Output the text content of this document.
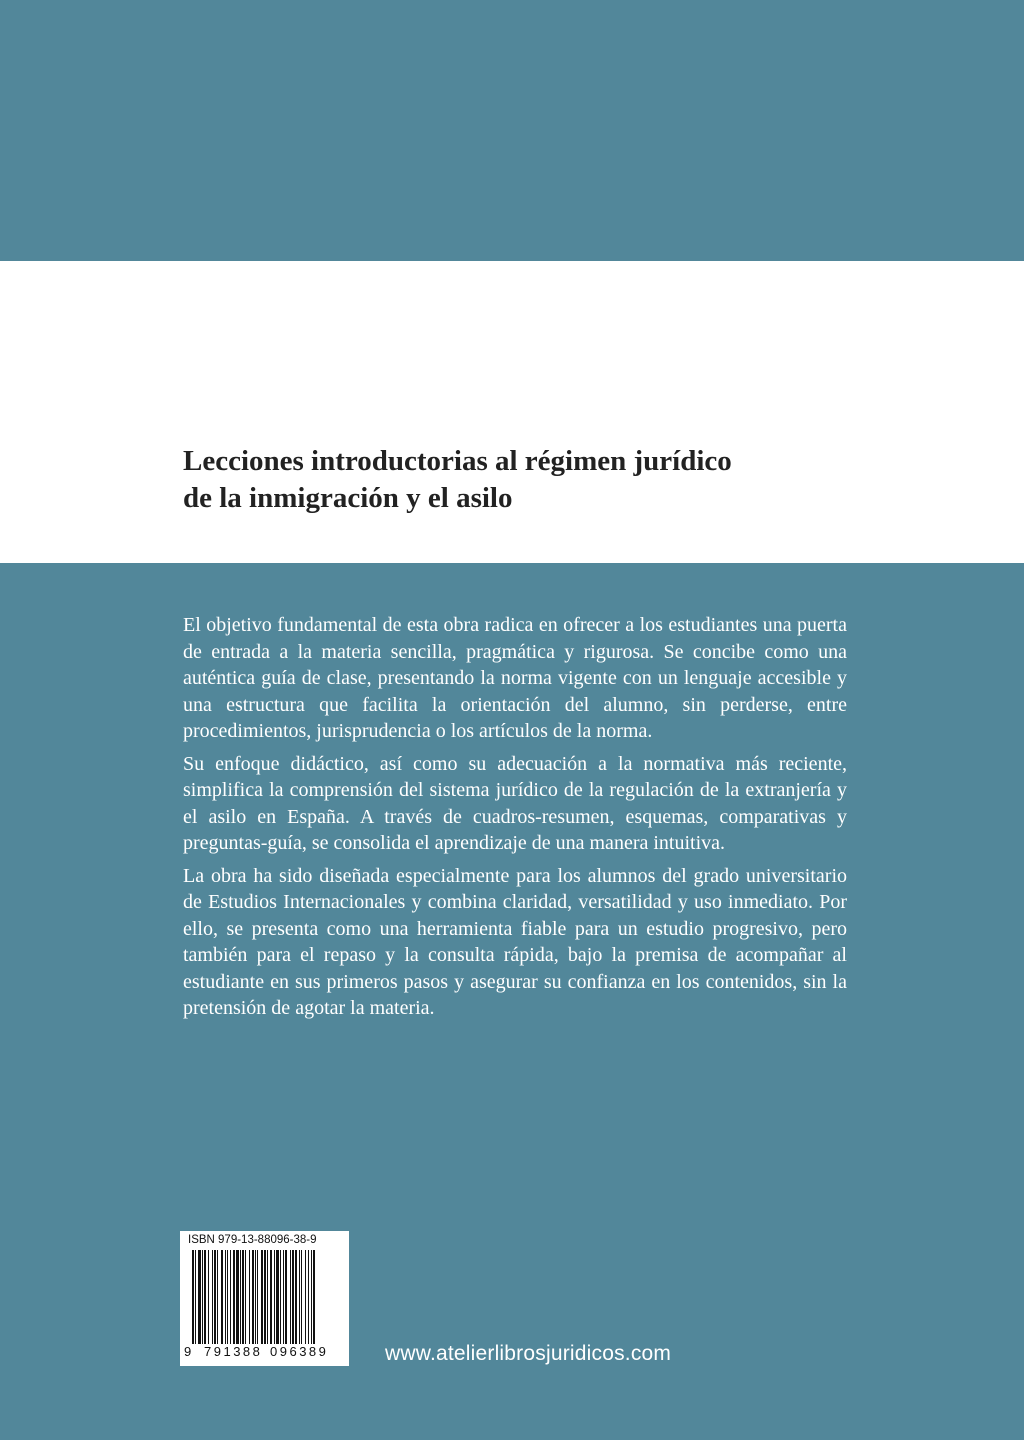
Lecciones introductorias al régimen jurídico
de la inmigración y el asilo

El objetivo fundamental de esta obra radica en ofrecer a los estudiantes una puerta de entrada a la materia sencilla, pragmática y rigurosa. Se concibe como una auténtica guía de clase, presentando la norma vigente con un lenguaje accesible y una estructura que facilita la orientación del alumno, sin perderse, entre procedimientos, jurisprudencia o los artículos de la norma.

Su enfoque didáctico, así como su adecuación a la normativa más reciente, simplifica la comprensión del sistema jurídico de la regulación de la extranjería y el asilo en España. A través de cuadros-resumen, esquemas, comparativas y preguntas-guía, se consolida el aprendizaje de una manera intuitiva.

La obra ha sido diseñada especialmente para los alumnos del grado universitario de Estudios Internacionales y combina claridad, versatilidad y uso inmediato. Por ello, se presenta como una herramienta fiable para un estudio progresivo, pero también para el repaso y la consulta rápida, bajo la premisa de acompañar al estudiante en sus primeros pasos y asegurar su confianza en los contenidos, sin la pretensión de agotar la materia.

ISBN 979-13-88096-38-9
9 791388 096389	www.atelierlibrosjuridicos.com
